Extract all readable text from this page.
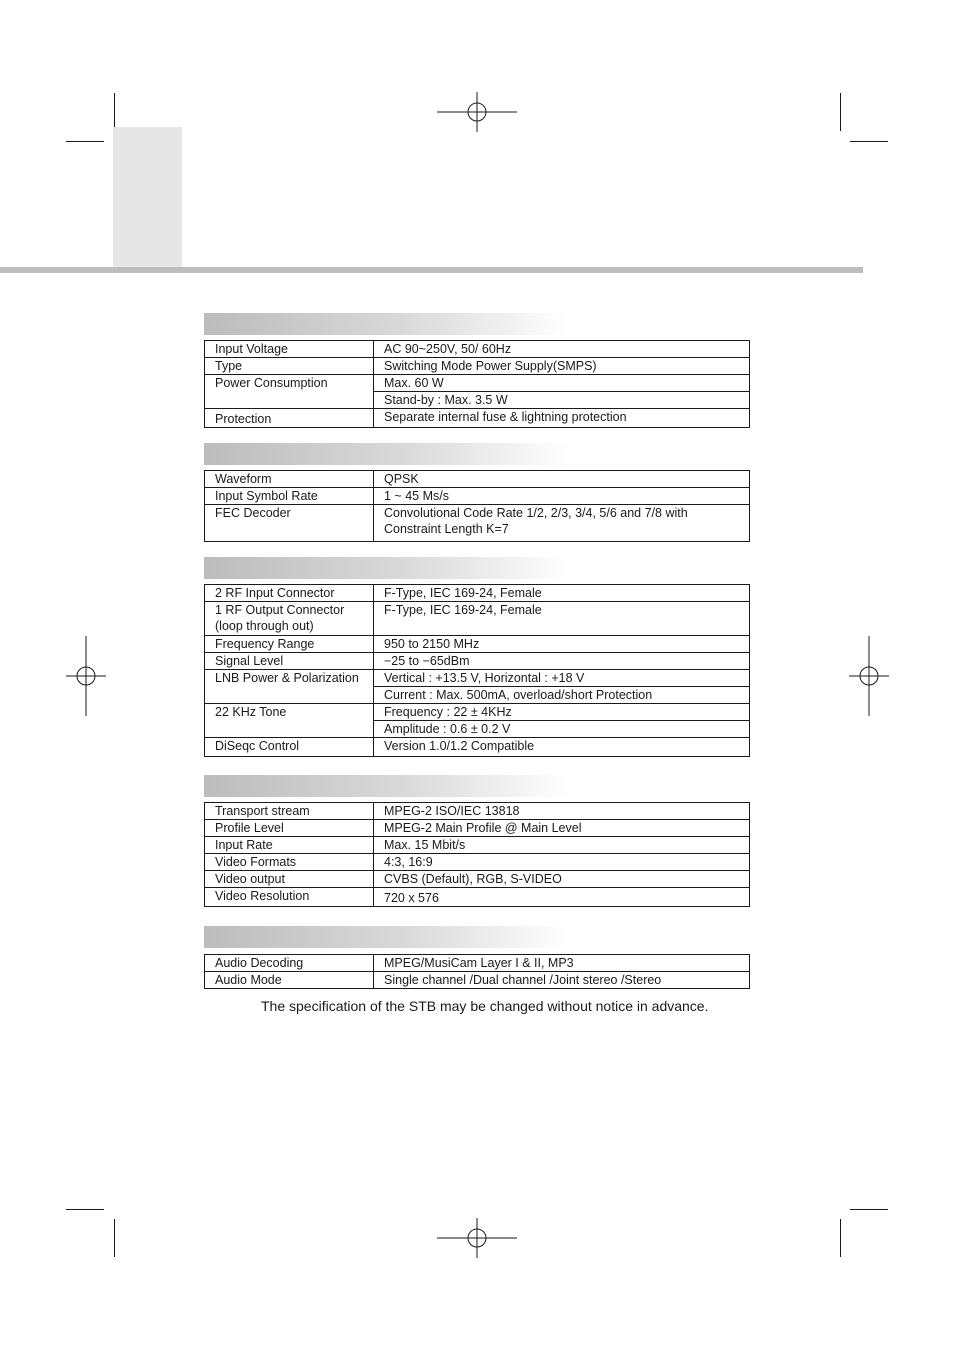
Input Voltage	AC 90~250V, 50/ 60Hz
Type	Switching Mode Power Supply(SMPS)
Power Consumption	Max. 60 W
	Stand-by : Max. 3.5 W
Protection	Separate internal fuse & lightning protection
Waveform	QPSK
Input Symbol Rate	1 ~ 45 Ms/s
FEC Decoder	Convolutional Code Rate 1/2, 2/3, 3/4, 5/6 and 7/8 with Constraint Length K=7
2 RF Input Connector	F-Type, IEC 169-24, Female
1 RF Output Connector (loop through out)	F-Type, IEC 169-24, Female
Frequency Range	950 to 2150 MHz
Signal Level	−25 to −65dBm
LNB Power & Polarization	Vertical : +13.5 V, Horizontal : +18 V
	Current : Max. 500mA, overload/short Protection
22 KHz Tone	Frequency : 22 ± 4KHz
	Amplitude : 0.6 ± 0.2 V
DiSeqc Control	Version 1.0/1.2 Compatible
Transport stream	MPEG-2 ISO/IEC 13818
Profile Level	MPEG-2 Main Profile @ Main Level
Input Rate	Max. 15 Mbit/s
Video Formats	4:3, 16:9
Video output	CVBS (Default), RGB, S-VIDEO
Video Resolution	720 x 576
Audio Decoding	MPEG/MusiCam Layer I & II, MP3
Audio Mode	Single channel /Dual channel /Joint stereo /Stereo
The specification of the STB may be changed without notice in advance.
